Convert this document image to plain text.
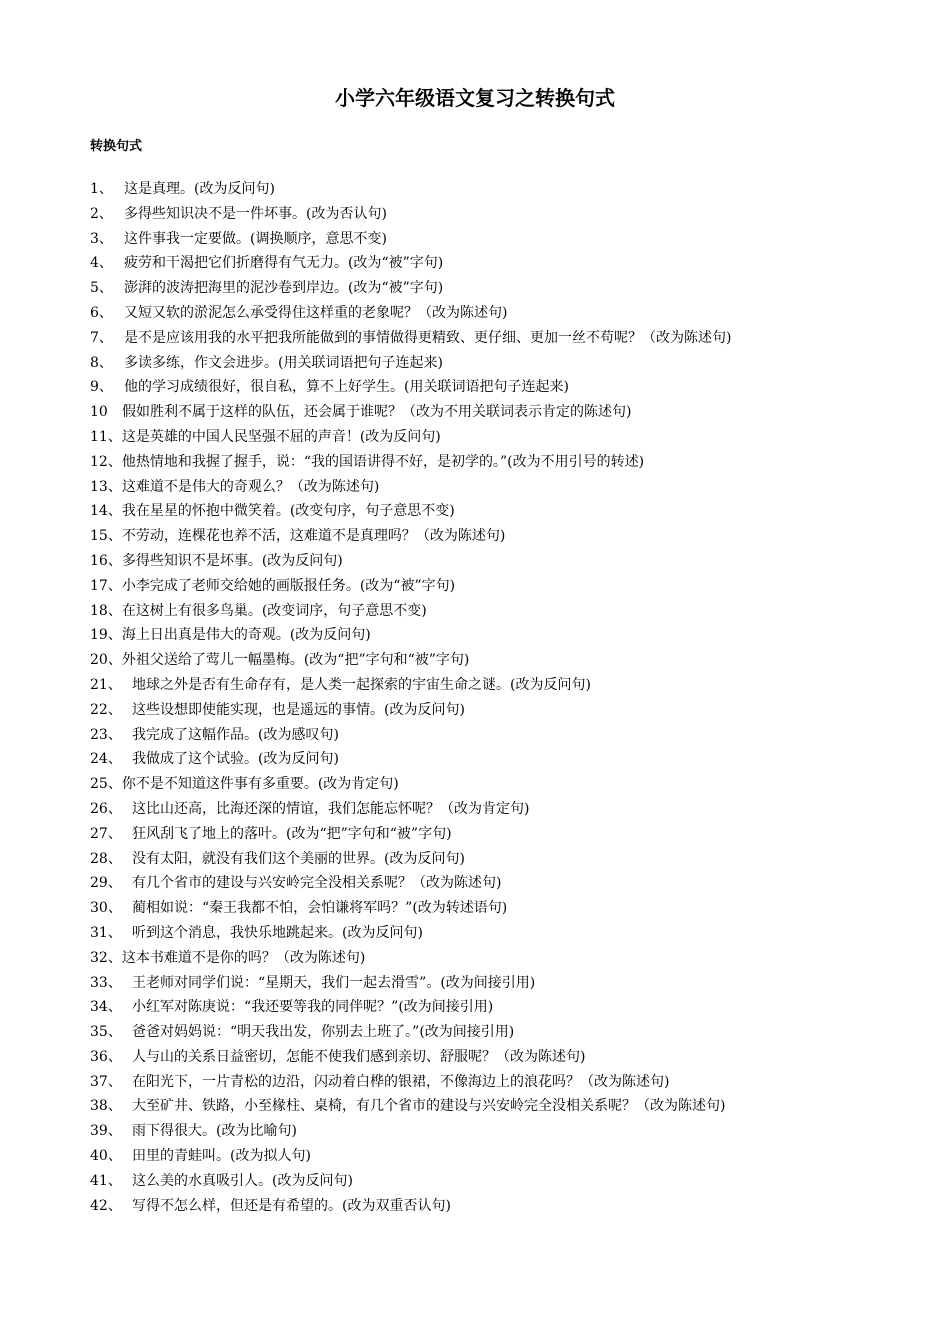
小学六年级语文复习之转换句式
转换句式
1、 这是真理。(改为反问句)
2、 多得些知识决不是一件坏事。(改为否认句)
3、 这件事我一定要做。(调换顺序，意思不变)
4、 疲劳和干渴把它们折磨得有气无力。(改为“被”字句)
5、 澎湃的波涛把海里的泥沙卷到岸边。(改为“被”字句)
6、 又短又软的淤泥怎么承受得住这样重的老象呢？（改为陈述句)
7、 是不是应该用我的水平把我所能做到的事情做得更精致、更仔细、更加一丝不苟呢？（改为陈述句)
8、 多读多练，作文会进步。(用关联词语把句子连起来)
9、 他的学习成绩很好，很自私，算不上好学生。(用关联词语把句子连起来)
10 假如胜利不属于这样的队伍，还会属于谁呢？（改为不用关联词表示肯定的陈述句)
11、这是英雄的中国人民坚强不屈的声音！(改为反问句)
12、他热情地和我握了握手，说：“我的国语讲得不好，是初学的。”(改为不用引号的转述)
13、这难道不是伟大的奇观么？（改为陈述句)
14、我在星星的怀抱中微笑着。(改变句序，句子意思不变)
15、不劳动，连棵花也养不活，这难道不是真理吗？（改为陈述句)
16、多得些知识不是坏事。(改为反问句)
17、小李完成了老师交给她的画版报任务。(改为“被”字句)
18、在这树上有很多鸟巢。(改变词序，句子意思不变)
19、海上日出真是伟大的奇观。(改为反问句)
20、外祖父送给了莺儿一幅墨梅。(改为“把”字句和“被”字句)
21、 地球之外是否有生命存有，是人类一起探索的宇宙生命之谜。(改为反问句)
22、 这些设想即使能实现，也是遥远的事情。(改为反问句)
23、 我完成了这幅作品。(改为感叹句)
24、 我做成了这个试验。(改为反问句)
25、你不是不知道这件事有多重要。(改为肯定句)
26、 这比山还高，比海还深的情谊，我们怎能忘怀呢？（改为肯定句)
27、 狂风刮飞了地上的落叶。(改为“把”字句和“被”字句)
28、 没有太阳，就没有我们这个美丽的世界。(改为反问句)
29、 有几个省市的建设与兴安岭完全没相关系呢？（改为陈述句)
30、 蔺相如说：“秦王我都不怕，会怕谦将军吗？”(改为转述语句)
31、 听到这个消息，我快乐地跳起来。(改为反问句)
32、这本书难道不是你的吗？（改为陈述句)
33、 王老师对同学们说：“星期天，我们一起去滑雪”。(改为间接引用)
34、 小红军对陈庚说：“我还要等我的同伴呢？”(改为间接引用)
35、 爸爸对妈妈说：“明天我出发，你别去上班了。”(改为间接引用)
36、 人与山的关系日益密切，怎能不使我们感到亲切、舒服呢？（改为陈述句)
37、 在阳光下，一片青松的边沿，闪动着白桦的银裙，不像海边上的浪花吗？（改为陈述句)
38、 大至矿井、铁路，小至椽柱、桌椅，有几个省市的建设与兴安岭完全没相关系呢？（改为陈述句)
39、 雨下得很大。(改为比喻句)
40、 田里的青蛙叫。(改为拟人句)
41、 这么美的水真吸引人。(改为反问句)
42、 写得不怎么样，但还是有希望的。(改为双重否认句)
